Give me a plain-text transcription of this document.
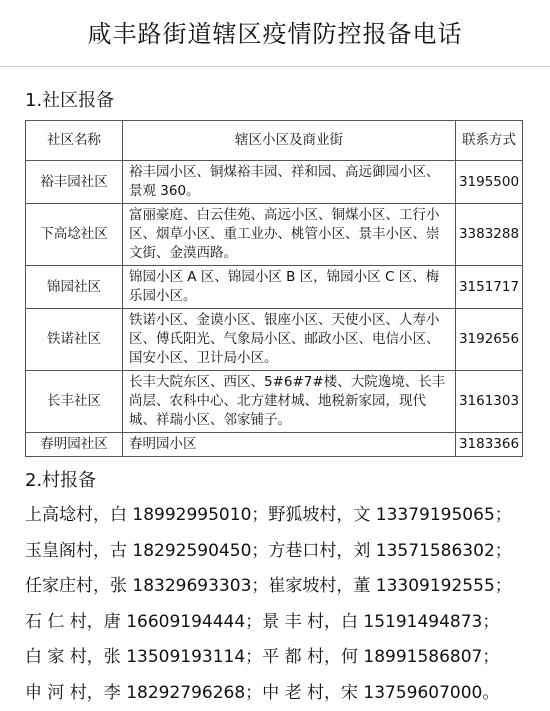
咸丰路街道辖区疫情防控报备电话
1.社区报备
社区名称	辖区小区及商业街	联系方式
裕丰园社区	裕丰园小区、铜煤裕丰园、祥和园、高远御园小区、景观 360。	3195500
下高埝社区	富丽豪庭、白云佳苑、高远小区、铜煤小区、工行小区、烟草小区、重工业办、桃管小区、景丰小区、崇文街、金漠西路。	3383288
锦园社区	锦园小区 A 区、锦园小区 B 区，锦园小区 C 区、梅乐园小区。	3151717
铁诺社区	铁诺小区、金谟小区、银座小区、天使小区、人寿小区、傅氏阳光、气象局小区、邮政小区、电信小区、国安小区、卫计局小区。	3192656
长丰社区	长丰大院东区、西区、5#6#7#楼、大院逸境、长丰尚层、农科中心、北方建材城、地税新家园，现代城、祥瑞小区、邻家铺子。	3161303
春明园社区	春明园小区	3183366
2.村报备
上高埝村，白 18992995010；野狐坡村，文 13379195065；
玉皇阁村，古 18292590450；方巷口村，刘 13571586302；
任家庄村，张 18329693303；崔家坡村，董 13309192555；
石 仁 村，唐 16609194444；景 丰 村，白 15191494873；
白 家 村，张 13509193114；平 都 村，何 18991586807；
申 河 村，李 18292796268；中 老 村，宋 13759607000。
